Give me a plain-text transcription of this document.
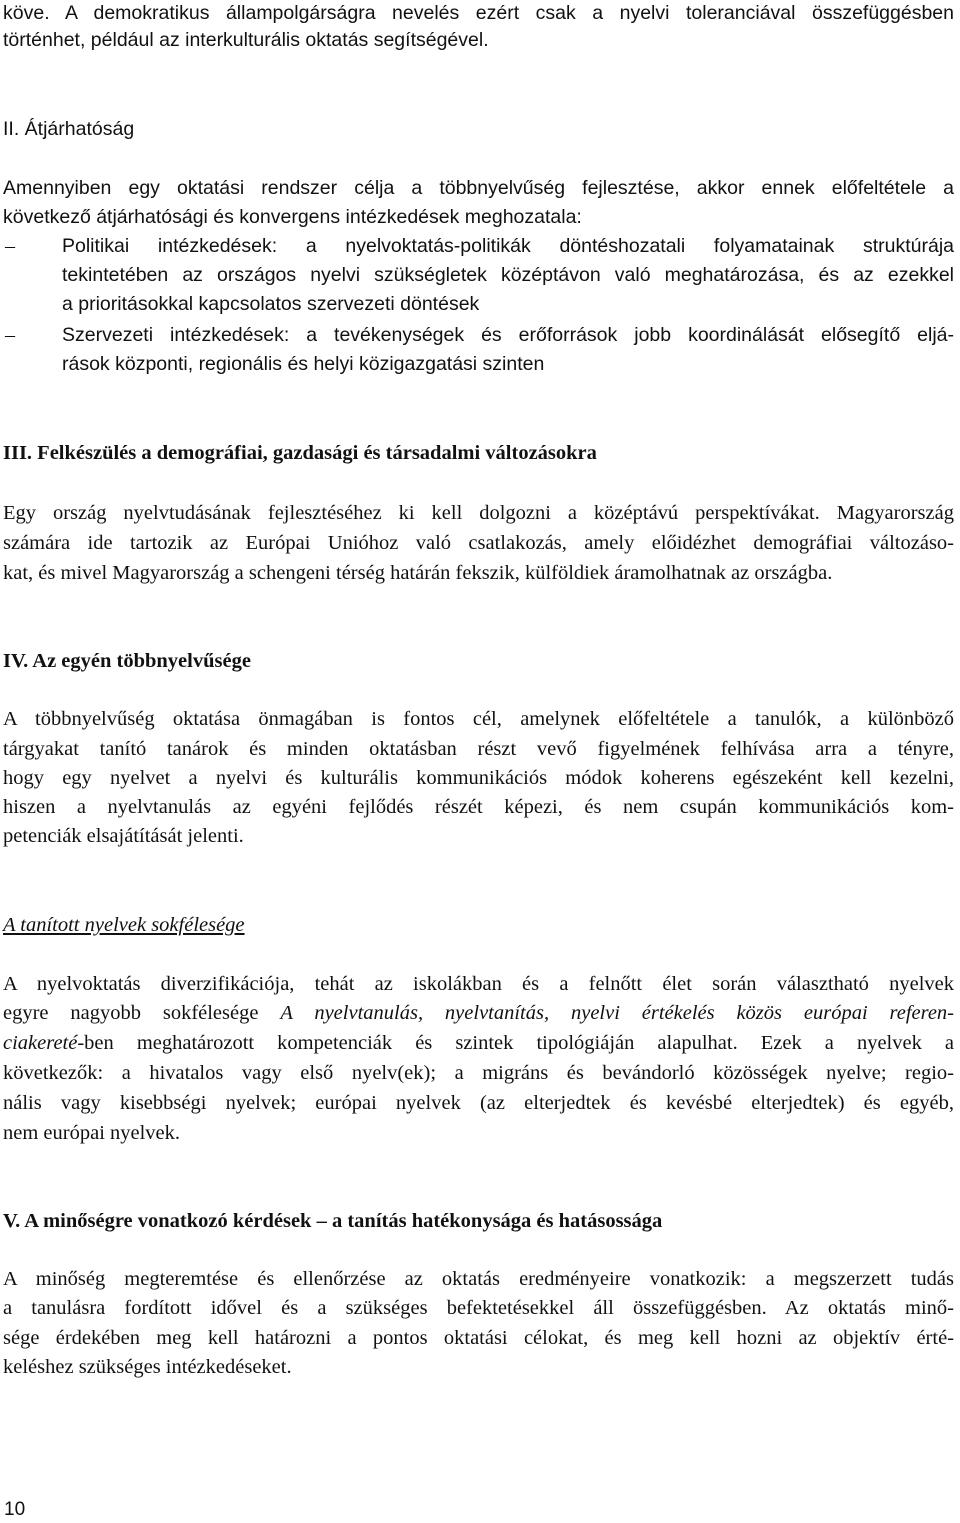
köve. A demokratikus állampolgárságra nevelés ezért csak a nyelvi toleranciával összefüggésben
történhet, például az interkulturális oktatás segítségével.
II. Átjárhatóság
Amennyiben egy oktatási rendszer célja a többnyelvűség fejlesztése, akkor ennek előfeltétele a
következő átjárhatósági és konvergens intézkedések meghozatala:
–	Politikai intézkedések: a nyelvoktatás-politikák döntéshozatali folyamatainak struktúrája
tekintetében az országos nyelvi szükségletek középtávon való meghatározása, és az ezekkel
a prioritásokkal kapcsolatos szervezeti döntések
–	Szervezeti intézkedések: a tevékenységek és erőforrások jobb koordinálását elősegítő eljá-
rások központi, regionális és helyi közigazgatási szinten
III. Felkészülés a demográfiai, gazdasági és társadalmi változásokra
Egy ország nyelvtudásának fejlesztéséhez ki kell dolgozni a középtávú perspektívákat. Magyarország
számára ide tartozik az Európai Unióhoz való csatlakozás, amely előidézhet demográfiai változáso-
kat, és mivel Magyarország a schengeni térség határán fekszik, külföldiek áramolhatnak az országba.
IV. Az egyén többnyelvűsége
A többnyelvűség oktatása önmagában is fontos cél, amelynek előfeltétele a tanulók, a különböző
tárgyakat tanító tanárok és minden oktatásban részt vevő figyelmének felhívása arra a tényre,
hogy egy nyelvet a nyelvi és kulturális kommunikációs módok koherens egészeként kell kezelni,
hiszen a nyelvtanulás az egyéni fejlődés részét képezi, és nem csupán kommunikációs kom-
petenciák elsajátítását jelenti.
A tanított nyelvek sokfélesége
A nyelvoktatás diverzifikációja, tehát az iskolákban és a felnőtt élet során választható nyelvek
egyre nagyobb sokfélesége A nyelvtanulás, nyelvtanítás, nyelvi értékelés közös európai referen-
ciakereté-ben meghatározott kompetenciák és szintek tipológiáján alapulhat. Ezek a nyelvek a
következők: a hivatalos vagy első nyelv(ek); a migráns és bevándorló közösségek nyelve; regio-
nális vagy kisebbségi nyelvek; európai nyelvek (az elterjedtek és kevésbé elterjedtek) és egyéb,
nem európai nyelvek.
V. A minőségre vonatkozó kérdések – a tanítás hatékonysága és hatásossága
A minőség megteremtése és ellenőrzése az oktatás eredményeire vonatkozik: a megszerzett tudás
a tanulásra fordított idővel és a szükséges befektetésekkel áll összefüggésben. Az oktatás minő-
sége érdekében meg kell határozni a pontos oktatási célokat, és meg kell hozni az objektív érté-
keléshez szükséges intézkedéseket.
10
